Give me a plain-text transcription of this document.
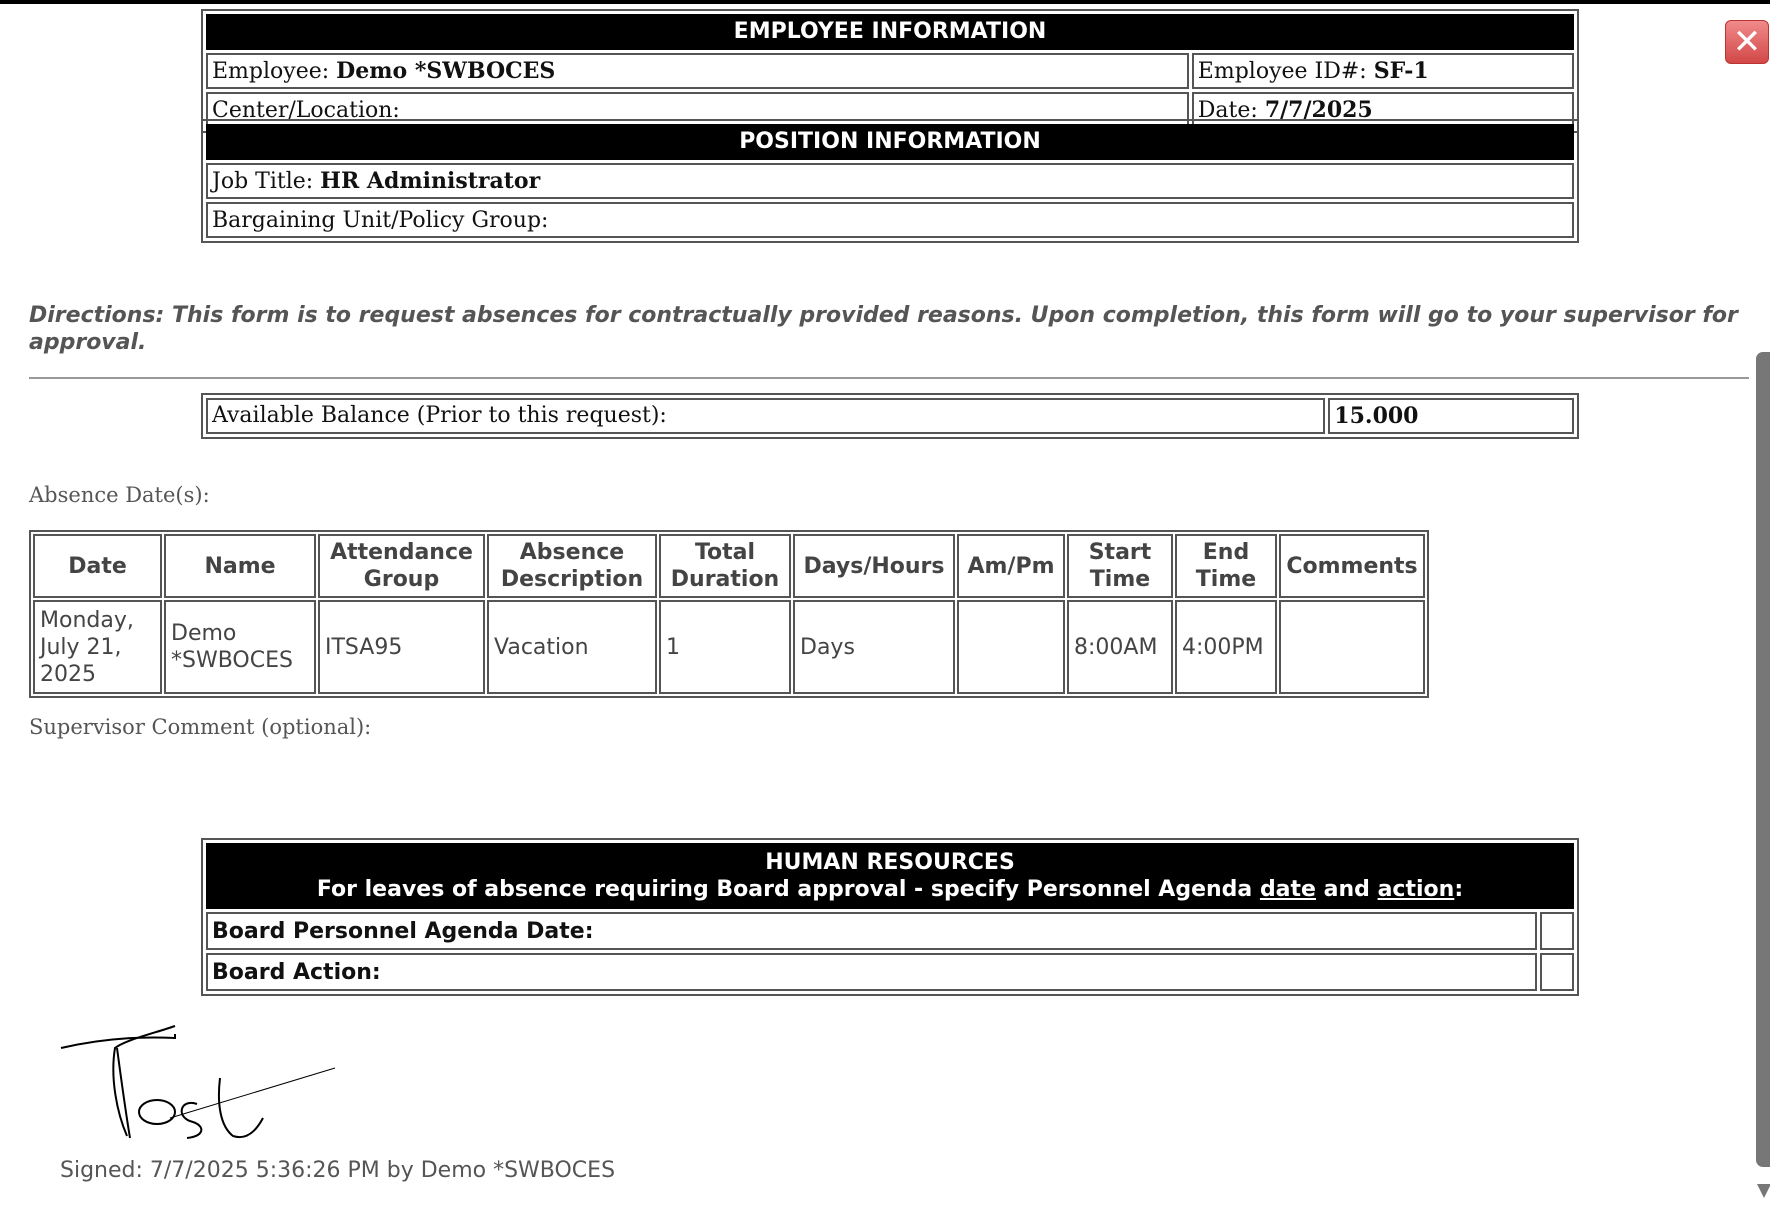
EMPLOYEE INFORMATION	
Employee: Demo *SWBOCES	Employee ID#: SF-1
Center/Location:	Date: 7/7/2025
POSITION INFORMATION
Job Title: HR Administrator
Bargaining Unit/Policy Group:
Directions: This form is to request absences for contractually provided reasons. Upon completion, this form will go to your supervisor for approval.
Available Balance (Prior to this request):	15.000
Absence Date(s):
Date	Name	Attendance Group	Absence Description	Total Duration	Days/Hours	Am/Pm	Start Time	End Time	Comments
Monday, July 21, 2025	Demo *SWBOCES	ITSA95	Vacation	1	Days		8:00AM	4:00PM	
Supervisor Comment (optional):
HUMAN RESOURCES
For leaves of absence requiring Board approval - specify Personnel Agenda date and action:	

Board Personnel Agenda Date:	
Board Action:	
Signed: 7/7/2025 5:36:26 PM by Demo *SWBOCES
✕
